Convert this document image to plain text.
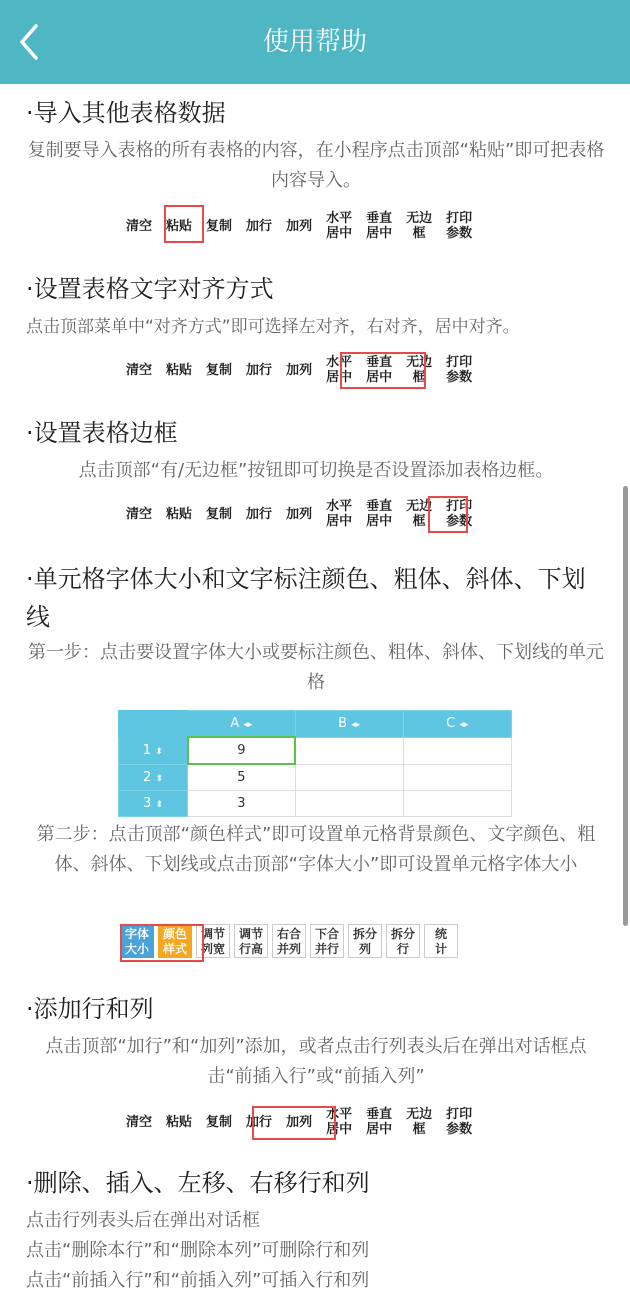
使用帮助
·导入其他表格数据
复制要导入表格的所有表格的内容，在小程序点击顶部“粘贴”即可把表格内容导入。
清空 粘贴 复制 加行 加列 水平
居中
垂直
居中
无边
框
打印
参数
·设置表格文字对齐方式
点击顶部菜单中“对齐方式”即可选择左对齐，右对齐，居中对齐。
清空 粘贴 复制 加行 加列 水平
居中
垂直
居中
无边
框
打印
参数
·设置表格边框
点击顶部“有/无边框”按钮即可切换是否设置添加表格边框。
清空 粘贴 复制 加行 加列 水平
居中
垂直
居中
无边
框
打印
参数
·单元格字体大小和文字标注颜色、粗体、斜体、下划线
第一步：点击要设置字体大小或要标注颜色、粗体、斜体、下划线的单元格
	A ◂▸	B ◂▸	C ◂▸
1 ⬍	9		
2 ⬍	5		
3 ⬍	3		
第二步：点击顶部“颜色样式”即可设置单元格背景颜色、文字颜色、粗体、斜体、下划线或点击顶部“字体大小”即可设置单元格字体大小
字体
大小颜色
样式调节
列宽调节
行高右合
并列下合
并行拆分
列拆分
行统
计
·添加行和列
点击顶部“加行”和“加列”添加，或者点击行列表头后在弹出对话框点击“前插入行”或“前插入列”
清空 粘贴 复制 加行 加列 水平
居中
垂直
居中
无边
框
打印
参数
·删除、插入、左移、右移行和列
点击行列表头后在弹出对话框
点击“删除本行”和“删除本列”可删除行和列
点击“前插入行”和“前插入列”可插入行和列
